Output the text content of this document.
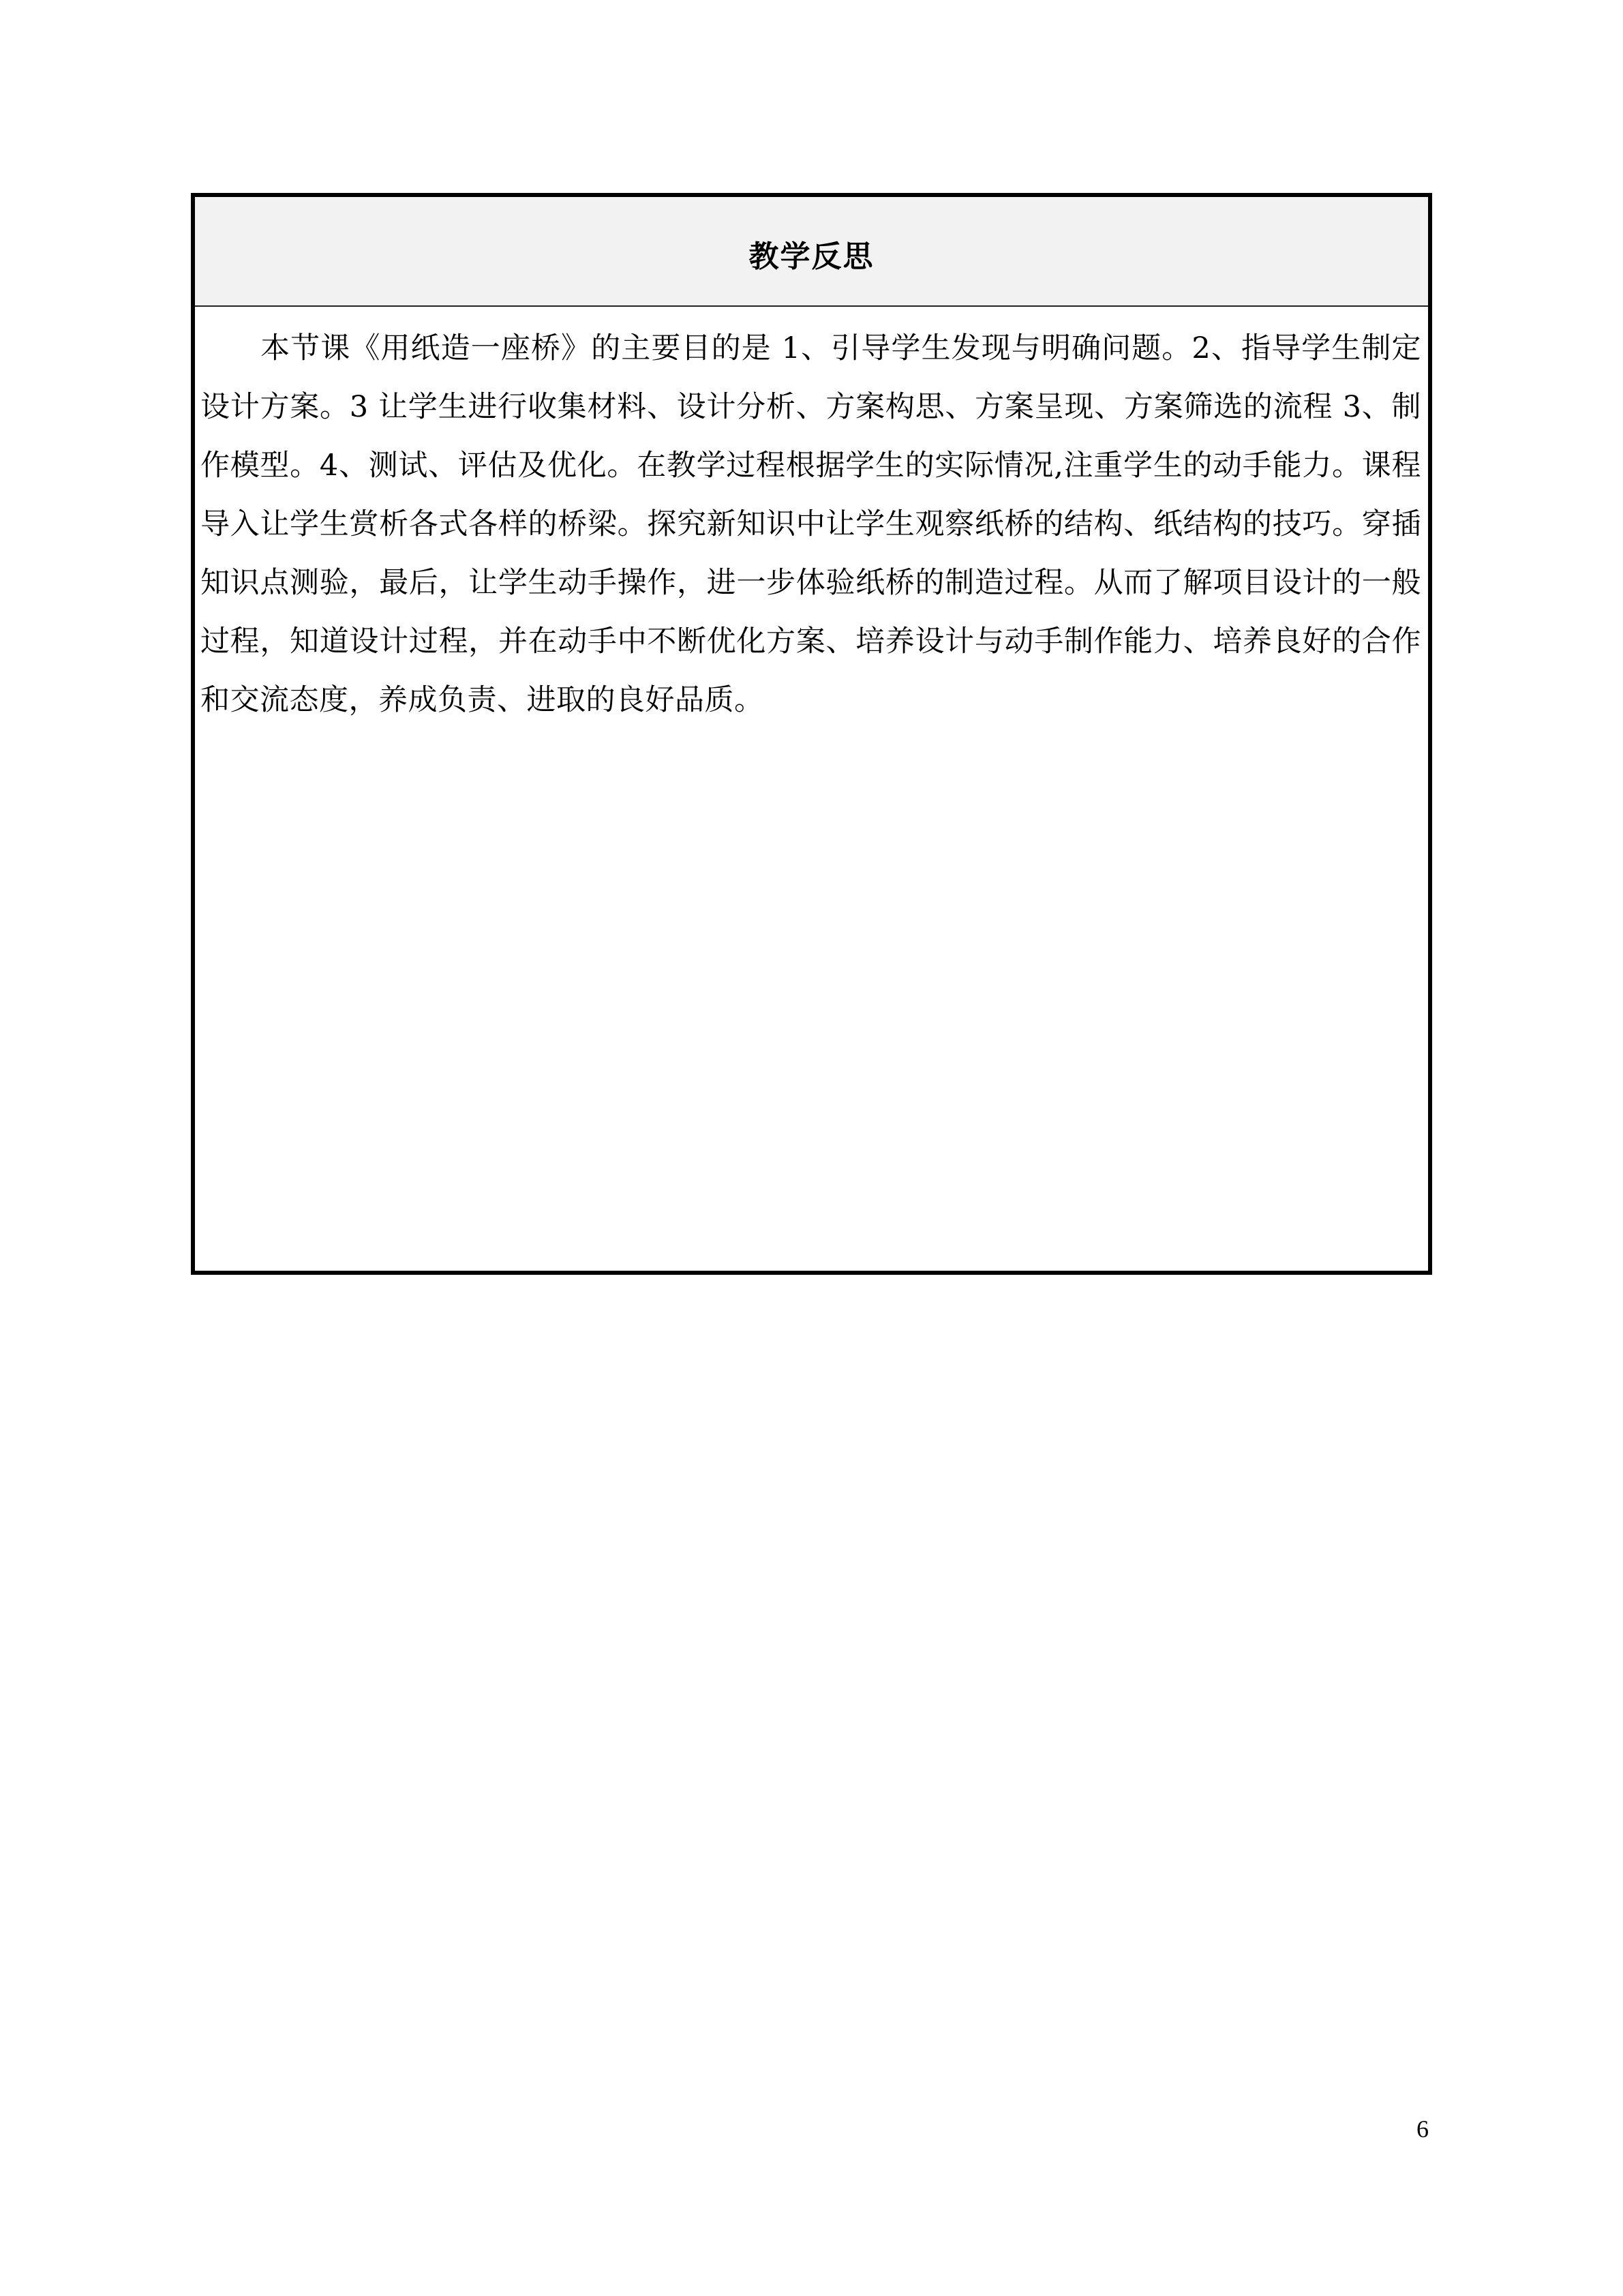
教学反思

本节课《用纸造一座桥》的主要目的是 1、引导学生发现与明确问题。2、指导学生制定设计方案。3 让学生进行收集材料、设计分析、方案构思、方案呈现、方案筛选的流程 3、制作模型。4、测试、评估及优化。在教学过程根据学生的实际情况,注重学生的动手能力。课程导入让学生赏析各式各样的桥梁。探究新知识中让学生观察纸桥的结构、纸结构的技巧。穿插知识点测验，最后，让学生动手操作，进一步体验纸桥的制造过程。从而了解项目设计的一般过程，知道设计过程，并在动手中不断优化方案、培养设计与动手制作能力、培养良好的合作和交流态度，养成负责、进取的良好品质。

6
